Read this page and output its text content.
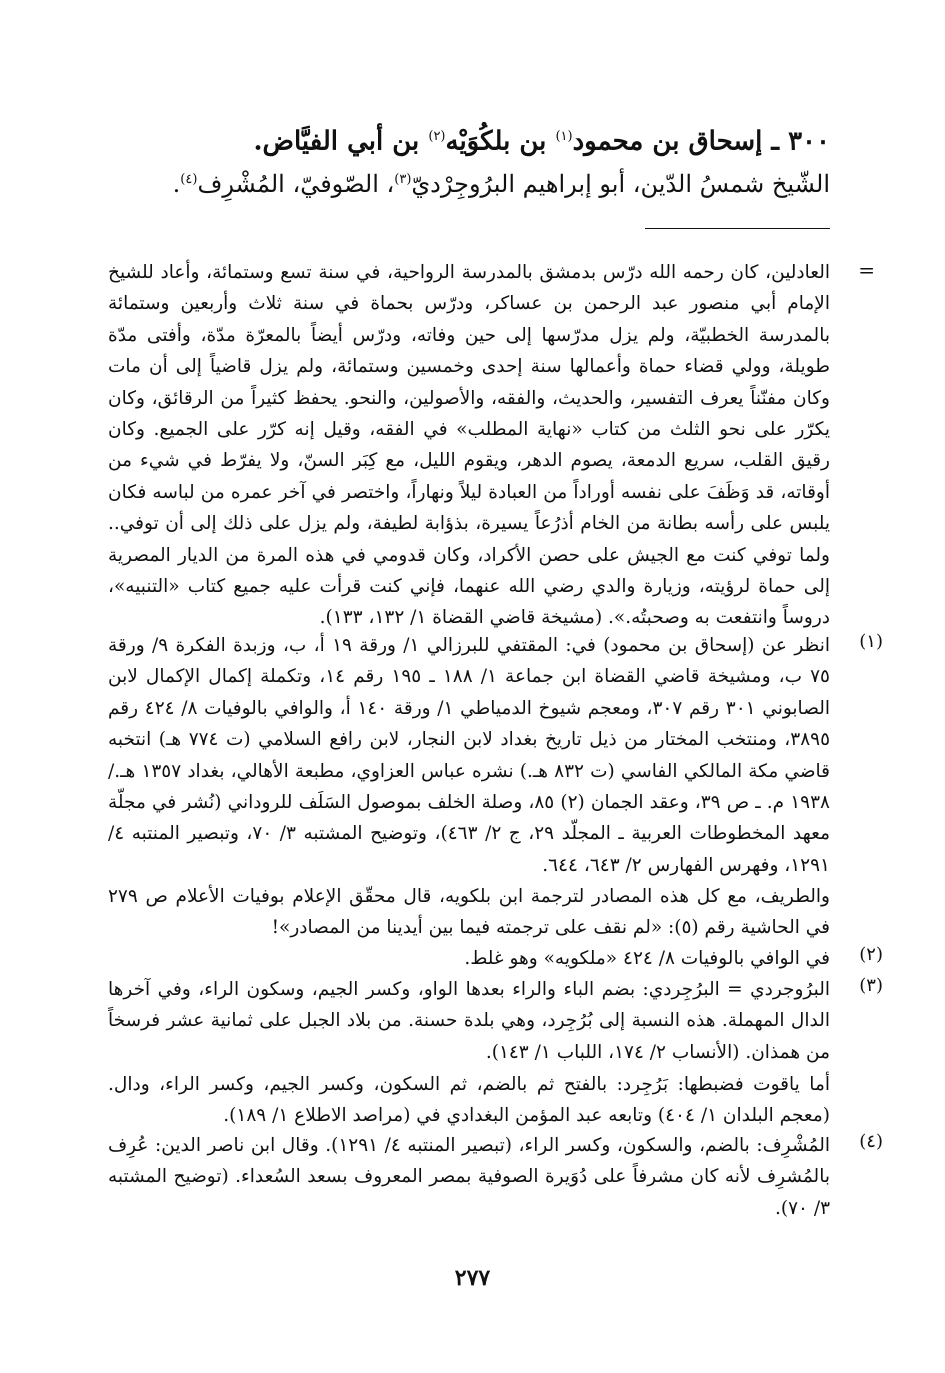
٣٠٠ ـ إسحاق بن محمود$^{(١)}$ بن بلكُوَيْه$^{(٢)}$ بن أبي الفيَّاض.
الشّيخ شمسُ الدّين، أبو إبراهيم البرُوجِرْديّ$^{(٣)}$، الصّوفيّ، المُشْرِف$^{(٤)}$.
=
العادلين، كان رحمه الله درّس بدمشق بالمدرسة الرواحية، في سنة تسع وستمائة، وأعاد للشيخ الإمام أبي منصور عبد الرحمن بن عساكر، ودرّس بحماة في سنة ثلاث وأربعين وستمائة بالمدرسة الخطبيّة، ولم يزل مدرّسها إلى حين وفاته، ودرّس أيضاً بالمعرّة مدّة، وأفتى مدّة طويلة، وولي قضاء حماة وأعمالها سنة إحدى وخمسين وستمائة، ولم يزل قاضياً إلى أن مات وكان مفنّناً يعرف التفسير، والحديث، والفقه، والأصولين، والنحو. يحفظ كثيراً من الرقائق، وكان يكرّر على نحو الثلث من كتاب «نهاية المطلب» في الفقه، وقيل إنه كرّر على الجميع. وكان رقيق القلب، سريع الدمعة، يصوم الدهر، ويقوم الليل، مع كِبَر السنّ، ولا يفرّط في شيء من أوقاته، قد وَظَفَ على نفسه أوراداً من العبادة ليلاً ونهاراً، واختصر في آخر عمره من لباسه فكان يلبس على رأسه بطانة من الخام أذرُعاً يسيرة، بذؤابة لطيفة، ولم يزل على ذلك إلى أن توفي.. ولما توفي كنت مع الجيش على حصن الأكراد، وكان قدومي في هذه المرة من الديار المصرية إلى حماة لرؤيته، وزيارة والدي رضي الله عنهما، فإني كنت قرأت عليه جميع كتاب «التنبيه»، دروساً وانتفعت به وصحبتُه.». (مشيخة قاضي القضاة ١/ ١٣٢، ١٣٣).
(١)
انظر عن (إسحاق بن محمود) في: المقتفي للبرزالي ١/ ورقة ١٩ أ، ب، وزبدة الفكرة ٩/ ورقة ٧٥ ب، ومشيخة قاضي القضاة ابن جماعة ١/ ١٨٨ ـ ١٩٥ رقم ١٤، وتكملة إكمال الإكمال لابن الصابوني ٣٠١ رقم ٣٠٧، ومعجم شيوخ الدمياطي ١/ ورقة ١٤٠ أ، والوافي بالوفيات ٨/ ٤٢٤ رقم ٣٨٩٥، ومنتخب المختار من ذيل تاريخ بغداد لابن النجار، لابن رافع السلامي (ت ٧٧٤ هـ) انتخبه قاضي مكة المالكي الفاسي (ت ٨٣٢ هـ.) نشره عباس العزاوي، مطبعة الأهالي، بغداد ١٣٥٧ هـ./ ١٩٣٨ م. ـ ص ٣٩، وعقد الجمان (٢) ٨٥، وصلة الخلف بموصول السَلَف للروداني (نُشر في مجلّة معهد المخطوطات العربية ـ المجلّد ٢٩، ج ٢/ ٤٦٣)، وتوضيح المشتبه ٣/ ٧٠، وتبصير المنتبه ٤/ ١٢٩١، وفهرس الفهارس ٢/ ٦٤٣، ٦٤٤.
والطريف، مع كل هذه المصادر لترجمة ابن بلكويه، قال محقّق الإعلام بوفيات الأعلام ص ٢٧٩ في الحاشية رقم (٥): «لم نقف على ترجمته فيما بين أيدينا من المصادر»!
(٢)
في الوافي بالوفيات ٨/ ٤٢٤ «ملكويه» وهو غلط.
(٣)
البرُوجردي = البرُجِردي: بضم الباء والراء بعدها الواو، وكسر الجيم، وسكون الراء، وفي آخرها الدال المهملة. هذه النسبة إلى بُرُجِرد، وهي بلدة حسنة. من بلاد الجبل على ثمانية عشر فرسخاً من همذان. (الأنساب ٢/ ١٧٤، اللباب ١/ ١٤٣).
أما ياقوت فضبطها: بَرُجِرد: بالفتح ثم بالضم، ثم السكون، وكسر الجيم، وكسر الراء، ودال. (معجم البلدان ١/ ٤٠٤) وتابعه عبد المؤمن البغدادي في (مراصد الاطلاع ١/ ١٨٩).
(٤)
المُشْرِف: بالضم، والسكون، وكسر الراء، (تبصير المنتبه ٤/ ١٢٩١). وقال ابن ناصر الدين: عُرِف بالمُشرِف لأنه كان مشرفاً على دُوَيرة الصوفية بمصر المعروف بسعد السُعداء. (توضيح المشتبه ٣/ ٧٠).
٢٧٧
